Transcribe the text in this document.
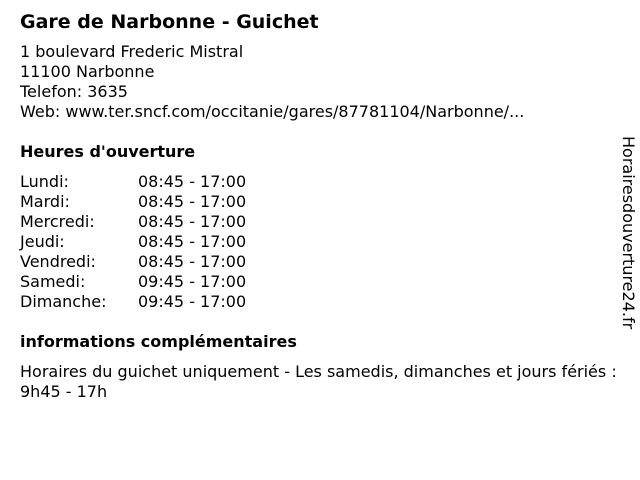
Gare de Narbonne - Guichet
1 boulevard Frederic Mistral
11100 Narbonne
Telefon: 3635
Web: www.ter.sncf.com/occitanie/gares/87781104/Narbonne/...
Heures d'ouverture
Lundi:	08:45 - 17:00
Mardi:	08:45 - 17:00
Mercredi:	08:45 - 17:00
Jeudi:	08:45 - 17:00
Vendredi:	08:45 - 17:00
Samedi:	09:45 - 17:00
Dimanche: 09:45 - 17:00
informations complémentaires
Horaires du guichet uniquement - Les samedis, dimanches et jours fériés : 9h45 - 17h
Horairesdouverture24.fr
